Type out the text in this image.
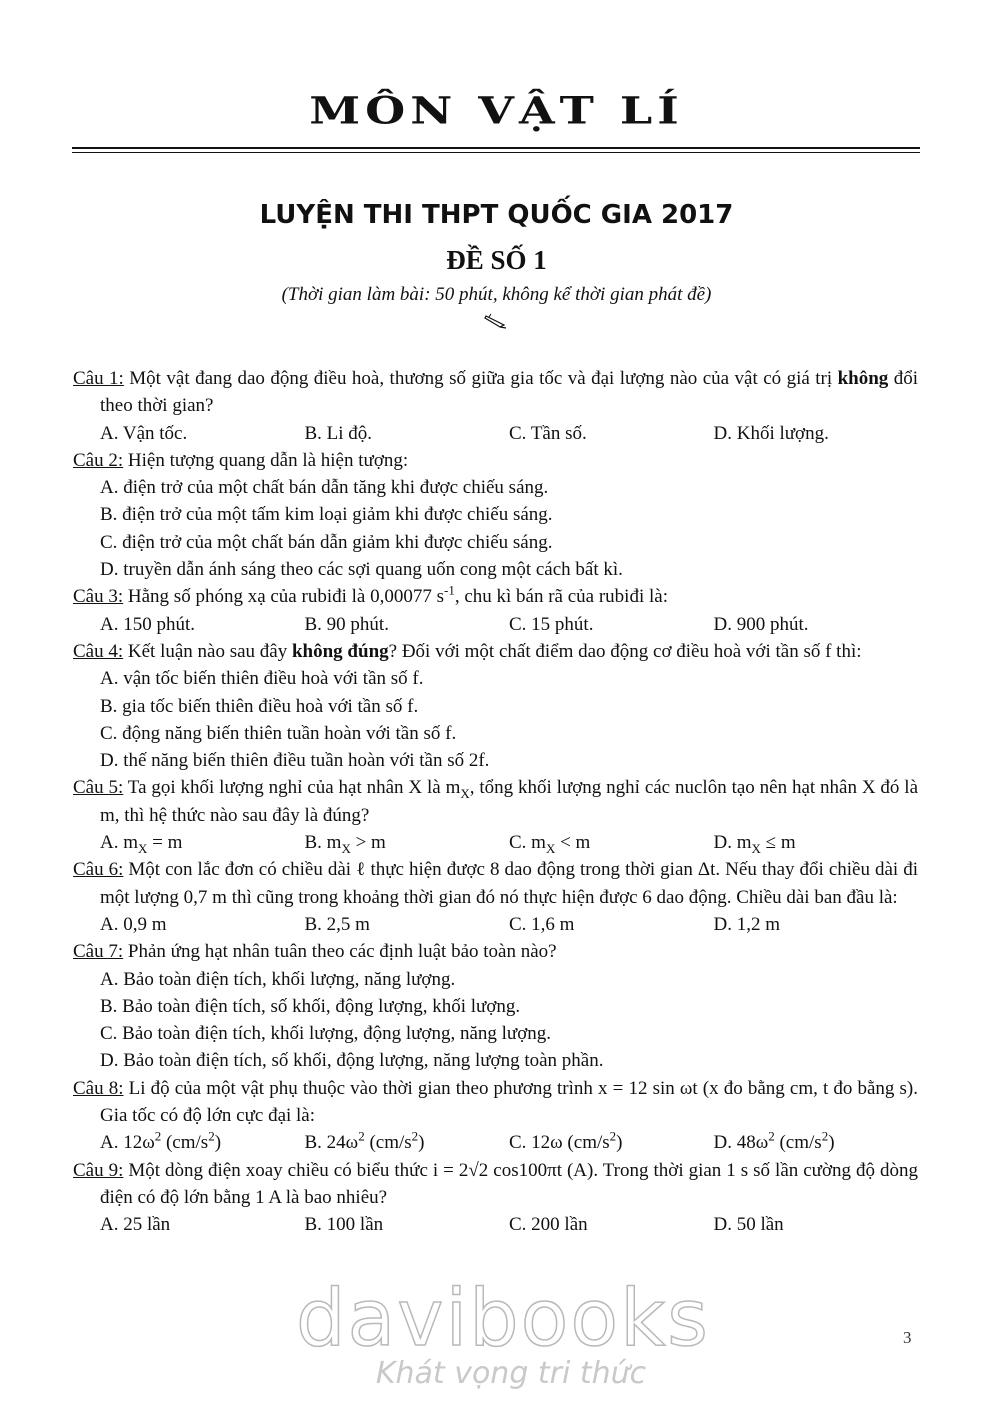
MÔN VẬT LÍ
LUYỆN THI THPT QUỐC GIA 2017
ĐỀ SỐ 1
(Thời gian làm bài: 50 phút, không kể thời gian phát đề)
Câu 1: Một vật đang dao động điều hoà, thương số giữa gia tốc và đại lượng nào của vật có giá trị không đổi theo thời gian?
A. Vận tốc.	B. Li độ.	C. Tần số.	D. Khối lượng.
Câu 2: Hiện tượng quang dẫn là hiện tượng:
A. điện trở của một chất bán dẫn tăng khi được chiếu sáng.
B. điện trở của một tấm kim loại giảm khi được chiếu sáng.
C. điện trở của một chất bán dẫn giảm khi được chiếu sáng.
D. truyền dẫn ánh sáng theo các sợi quang uốn cong một cách bất kì.
Câu 3: Hằng số phóng xạ của rubiđi là 0,00077 $s^{-1}$, chu kì bán rã của rubiđi là:
A. 150 phút.	B. 90 phút.	C. 15 phút.	D. 900 phút.
Câu 4: Kết luận nào sau đây không đúng? Đối với một chất điểm dao động cơ điều hoà với tần số f thì:
A. vận tốc biến thiên điều hoà với tần số f.
B. gia tốc biến thiên điều hoà với tần số f.
C. động năng biến thiên tuần hoàn với tần số f.
D. thế năng biến thiên điều tuần hoàn với tần số 2f.
Câu 5: Ta gọi khối lượng nghỉ của hạt nhân X là $m_X$, tổng khối lượng nghỉ các nuclôn tạo nên hạt nhân X đó là m, thì hệ thức nào sau đây là đúng?
A. $m_X = m$	B. $m_X > m$	C. $m_X < m$	D. $m_X \le m$
Câu 6: Một con lắc đơn có chiều dài ℓ thực hiện được 8 dao động trong thời gian Δt. Nếu thay đổi chiều dài đi một lượng 0,7 m thì cũng trong khoảng thời gian đó nó thực hiện được 6 dao động. Chiều dài ban đầu là:
A. 0,9 m	B. 2,5 m	C. 1,6 m	D. 1,2 m
Câu 7: Phản ứng hạt nhân tuân theo các định luật bảo toàn nào?
A. Bảo toàn điện tích, khối lượng, năng lượng.
B. Bảo toàn điện tích, số khối, động lượng, khối lượng.
C. Bảo toàn điện tích, khối lượng, động lượng, năng lượng.
D. Bảo toàn điện tích, số khối, động lượng, năng lượng toàn phần.
Câu 8: Li độ của một vật phụ thuộc vào thời gian theo phương trình x = 12 sin ωt (x đo bằng cm, t đo bằng s). Gia tốc có độ lớn cực đại là:
A. $12\omega^2$ $(cm/s^2)$	B. $24\omega^2$ $(cm/s^2)$	C. 12ω $(cm/s^2)$	D. $48\omega^2$ $(cm/s^2)$
Câu 9: Một dòng điện xoay chiều có biểu thức i = 2√2 cos100πt (A). Trong thời gian 1 s số lần cường độ dòng điện có độ lớn bằng 1 A là bao nhiêu?
A. 25 lần	B. 100 lần	C. 200 lần	D. 50 lần
davibooks
Khát vọng tri thức
3
